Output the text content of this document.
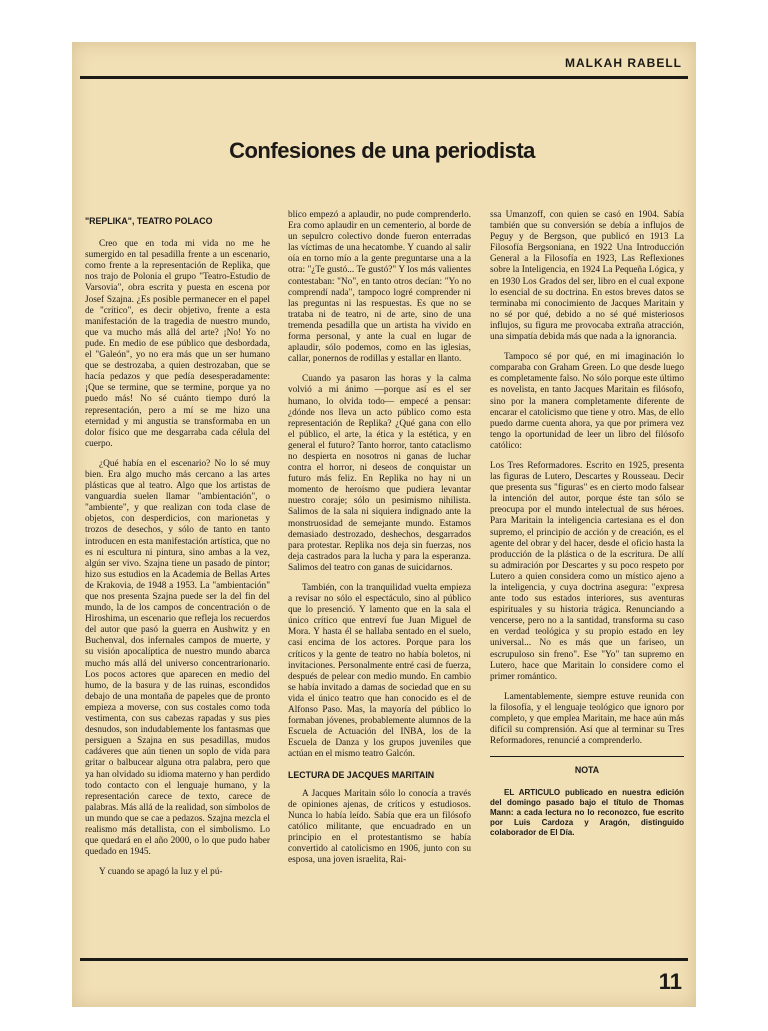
MALKAH RABELL
Confesiones de una periodista

"REPLIKA", TEATRO POLACO

Creo que en toda mi vida no me he sumergido en tal pesadilla frente a un escenario, como frente a la representación de Replika, que nos trajo de Polonia el grupo "Teatro-Estudio de Varsovia", obra escrita y puesta en escena por Josef Szajna. ¿Es posible permanecer en el papel de "crítico", es decir objetivo, frente a esta manifestación de la tragedia de nuestro mundo, que va mucho más allá del arte? ¡No! Yo no pude. En medio de ese público que desbordada, el "Galeón", yo no era más que un ser humano que se destrozaba, a quien destrozaban, que se hacía pedazos y que pedía desesperadamente: ¡Que se termine, que se termine, porque ya no puedo más! No sé cuánto tiempo duró la representación, pero a mí se me hizo una eternidad y mi angustia se transformaba en un dolor físico que me desgarraba cada célula del cuerpo.

¿Qué había en el escenario? No lo sé muy bien. Era algo mucho más cercano a las artes plásticas que al teatro. Algo que los artistas de vanguardia suelen llamar "ambientación", o "ambiente", y que realizan con toda clase de objetos, con desperdicios, con marionetas y trozos de desechos, y sólo de tanto en tanto introducen en esta manifestación artística, que no es ni escultura ni pintura, sino ambas a la vez, algún ser vivo. Szajna tiene un pasado de pintor; hizo sus estudios en la Academia de Bellas Artes de Krakovia, de 1948 a 1953. La "ambientación" que nos presenta Szajna puede ser la del fin del mundo, la de los campos de concentración o de Hiroshima, un escenario que refleja los recuerdos del autor que pasó la guerra en Aushwitz y en Buchenval, dos infernales campos de muerte, y su visión apocalíptica de nuestro mundo abarca mucho más allá del universo concentrarionario. Los pocos actores que aparecen en medio del humo, de la basura y de las ruinas, escondidos debajo de una montaña de papeles que de pronto empieza a moverse, con sus costales como toda vestimenta, con sus cabezas rapadas y sus pies desnudos, son indudablemente los fantasmas que persiguen a Szajna en sus pesadillas, mudos cadáveres que aún tienen un soplo de vida para gritar o balbucear alguna otra palabra, pero que ya han olvidado su idioma materno y han perdido todo contacto con el lenguaje humano, y la representación carece de texto, carece de palabras. Más allá de la realidad, son símbolos de un mundo que se cae a pedazos. Szajna mezcla el realismo más detallista, con el simbolismo. Lo que quedará en el año 2000, o lo que pudo haber quedado en 1945.

Y cuando se apagó la luz y el pú-

blico empezó a aplaudir, no pude comprenderlo. Era como aplaudir en un cementerio, al borde de un sepulcro colectivo donde fueron enterradas las víctimas de una hecatombe. Y cuando al salir oía en torno mío a la gente preguntarse una a la otra: "¿Te gustó... Te gustó?" Y los más valientes contestaban: "No", en tanto otros decían: "Yo no comprendí nada", tampoco logré comprender ni las preguntas ni las respuestas. Es que no se trataba ni de teatro, ni de arte, sino de una tremenda pesadilla que un artista ha vivido en forma personal, y ante la cual en lugar de aplaudir, sólo podemos, como en las iglesias, callar, ponernos de rodillas y estallar en llanto.

Cuando ya pasaron las horas y la calma volvió a mi ánimo —porque así es el ser humano, lo olvida todo— empecé a pensar: ¿dónde nos lleva un acto público como esta representación de Replika? ¿Qué gana con ello el público, el arte, la ética y la estética, y en general el futuro? Tanto horror, tanto cataclismo no despierta en nosotros ni ganas de luchar contra el horror, ni deseos de conquistar un futuro más feliz. En Replika no hay ni un momento de heroísmo que pudiera levantar nuestro coraje; sólo un pesimismo nihilista. Salimos de la sala ni siquiera indignado ante la monstruosidad de semejante mundo. Estamos demasiado destrozado, deshechos, desgarrados para protestar. Replika nos deja sin fuerzas, nos deja castrados para la lucha y para la esperanza. Salimos del teatro con ganas de suicidarnos.

También, con la tranquilidad vuelta empieza a revisar no sólo el espectáculo, sino al público que lo presenció. Y lamento que en la sala el único crítico que entreví fue Juan Miguel de Mora. Y hasta él se hallaba sentado en el suelo, casi encima de los actores. Porque para los críticos y la gente de teatro no había boletos, ni invitaciones. Personalmente entré casi de fuerza, después de pelear con medio mundo. En cambio se había invitado a damas de sociedad que en su vida el único teatro que han conocido es el de Alfonso Paso. Mas, la mayoría del público lo formaban jóvenes, probablemente alumnos de la Escuela de Actuación del INBA, los de la Escuela de Danza y los grupos juveniles que actúan en el mismo teatro Galcón.

LECTURA DE JACQUES MARITAIN

A Jacques Maritain sólo lo conocía a través de opiniones ajenas, de críticos y estudiosos. Nunca lo había leído. Sabía que era un filósofo católico militante, que encuadrado en un principio en el protestantismo se había convertido al catolicismo en 1906, junto con su esposa, una joven israelita, Rai-

ssa Umanzoff, con quien se casó en 1904. Sabía también que su conversión se debía a influjos de Peguy y de Bergson, que publicó en 1913 La Filosofía Bergsoniana, en 1922 Una Introducción General a la Filosofía en 1923, Las Reflexiones sobre la Inteligencia, en 1924 La Pequeña Lógica, y en 1930 Los Grados del ser, libro en el cual expone lo esencial de su doctrina. En estos breves datos se terminaba mi conocimiento de Jacques Maritain y no sé por qué, debido a no sé qué misteriosos influjos, su figura me provocaba extraña atracción, una simpatía debida más que nada a la ignorancia.

Tampoco sé por qué, en mi imaginación lo comparaba con Graham Green. Lo que desde luego es completamente falso. No sólo porque este último es novelista, en tanto Jacques Maritain es filósofo, sino por la manera completamente diferente de encarar el catolicismo que tiene y otro. Mas, de ello puedo darme cuenta ahora, ya que por primera vez tengo la oportunidad de leer un libro del filósofo católico:

Los Tres Reformadores. Escrito en 1925, presenta las figuras de Lutero, Descartes y Rousseau. Decir que presenta sus "figuras" es en cierto modo falsear la intención del autor, porque éste tan sólo se preocupa por el mundo intelectual de sus héroes. Para Maritain la inteligencia cartesiana es el don supremo, el principio de acción y de creación, es el agente del obrar y del hacer, desde el oficio hasta la producción de la plástica o de la escritura. De allí su admiración por Descartes y su poco respeto por Lutero a quien considera como un místico ajeno a la inteligencia, y cuya doctrina asegura: "expresa ante todo sus estados interiores, sus aventuras espirituales y su historia trágica. Renunciando a vencerse, pero no a la santidad, transforma su caso en verdad teológica y su propio estado en ley universal... No es más que un fariseo, un escrupuloso sin freno". Ese "Yo" tan supremo en Lutero, hace que Maritain lo considere como el primer romántico.

Lamentablemente, siempre estuve reunida con la filosofía, y el lenguaje teológico que ignoro por completo, y que emplea Maritain, me hace aún más difícil su comprensión. Así que al terminar su Tres Reformadores, renuncié a comprenderlo.

NOTA

EL ARTICULO publicado en nuestra edición del domingo pasado bajo el título de Thomas Mann: a cada lectura no lo reconozco, fue escrito por Luis Cardoza y Aragón, distinguido colaborador de El Día.

11
